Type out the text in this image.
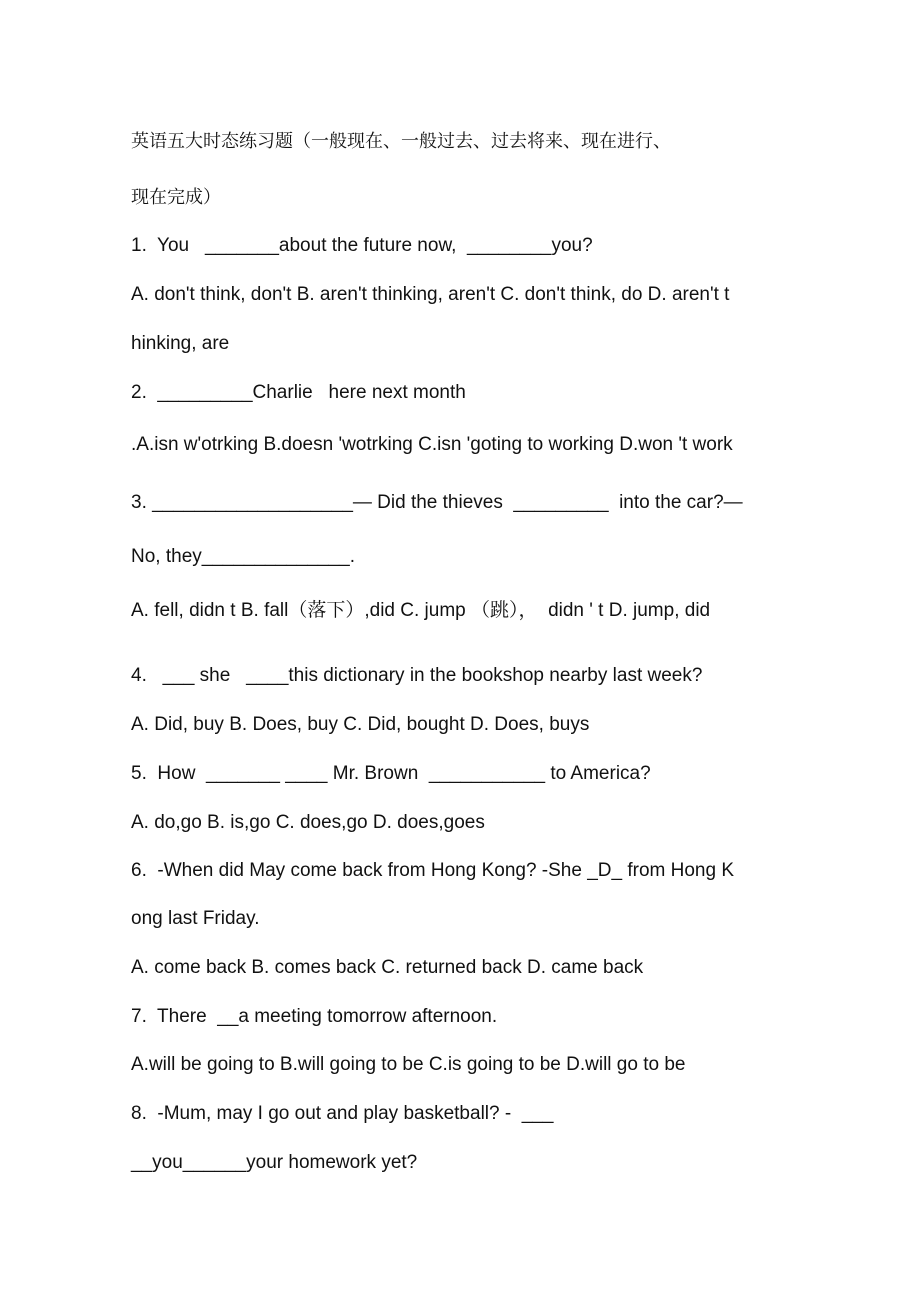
英语五大时态练习题（一般现在、一般过去、过去将来、现在进行、
现在完成）
1.  You   _______about the future now,  ________you?
A. don't think, don't B. aren't thinking, aren't C. don't think, do D. aren't t
hinking, are
2.  _________Charlie   here next month
.A.isn w'otrking B.doesn 'wotrking C.isn 'goting to working D.won 't work
3. ___________________— Did the thieves  _________  into the car?—
No, they______________.
A. fell, didn t B. fall（落下）,did C. jump （跳），  didn ' t D. jump, did
4.   ___ she   ____this dictionary in the bookshop nearby last week?
A. Did, buy B. Does, buy C. Did, bought D. Does, buys
5.  How  _______ ____ Mr. Brown  ___________ to America?
A. do,go B. is,go C. does,go D. does,goes
6.  -When did May come back from Hong Kong? -She _D_ from Hong K
ong last Friday.
A. come back B. comes back C. returned back D. came back
7.  There  __a meeting tomorrow afternoon.
A.will be going to B.will going to be C.is going to be D.will go to be
8.  -Mum, may I go out and play basketball? -  ___
__you______your homework yet?
